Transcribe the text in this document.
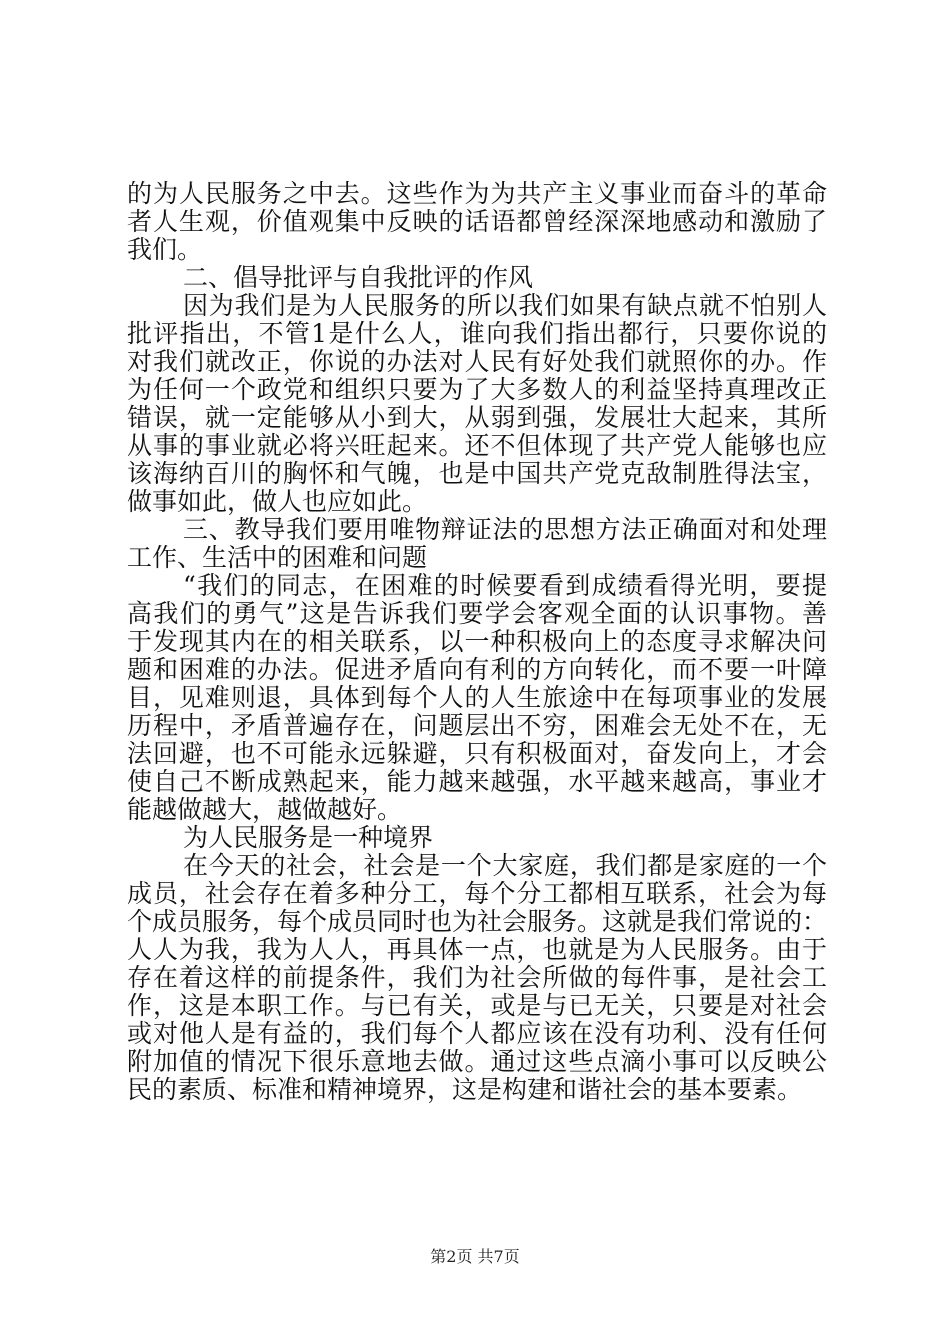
的为人民服务之中去。这些作为为共产主义事业而奋斗的革命
者人生观，价值观集中反映的话语都曾经深深地感动和激励了
我们。
二、倡导批评与自我批评的作风
因为我们是为人民服务的所以我们如果有缺点就不怕别人
批评指出，不管1是什么人，谁向我们指出都行，只要你说的
对我们就改正，你说的办法对人民有好处我们就照你的办。作
为任何一个政党和组织只要为了大多数人的利益坚持真理改正
错误，就一定能够从小到大，从弱到强，发展壮大起来，其所
从事的事业就必将兴旺起来。还不但体现了共产党人能够也应
该海纳百川的胸怀和气魄，也是中国共产党克敌制胜得法宝，
做事如此，做人也应如此。
三、教导我们要用唯物辩证法的思想方法正确面对和处理
工作、生活中的困难和问题
“我们的同志，在困难的时候要看到成绩看得光明，要提
高我们的勇气”这是告诉我们要学会客观全面的认识事物。善
于发现其内在的相关联系，以一种积极向上的态度寻求解决问
题和困难的办法。促进矛盾向有利的方向转化，而不要一叶障
目，见难则退，具体到每个人的人生旅途中在每项事业的发展
历程中，矛盾普遍存在，问题层出不穷，困难会无处不在，无
法回避，也不可能永远躲避，只有积极面对，奋发向上，才会
使自己不断成熟起来，能力越来越强，水平越来越高，事业才
能越做越大，越做越好。
为人民服务是一种境界
在今天的社会，社会是一个大家庭，我们都是家庭的一个
成员，社会存在着多种分工，每个分工都相互联系，社会为每
个成员服务，每个成员同时也为社会服务。这就是我们常说的：
人人为我，我为人人，再具体一点，也就是为人民服务。由于
存在着这样的前提条件，我们为社会所做的每件事，是社会工
作，这是本职工作。与已有关，或是与已无关，只要是对社会
或对他人是有益的，我们每个人都应该在没有功利、没有任何
附加值的情况下很乐意地去做。通过这些点滴小事可以反映公
民的素质、标准和精神境界，这是构建和谐社会的基本要素。
第2页 共7页
